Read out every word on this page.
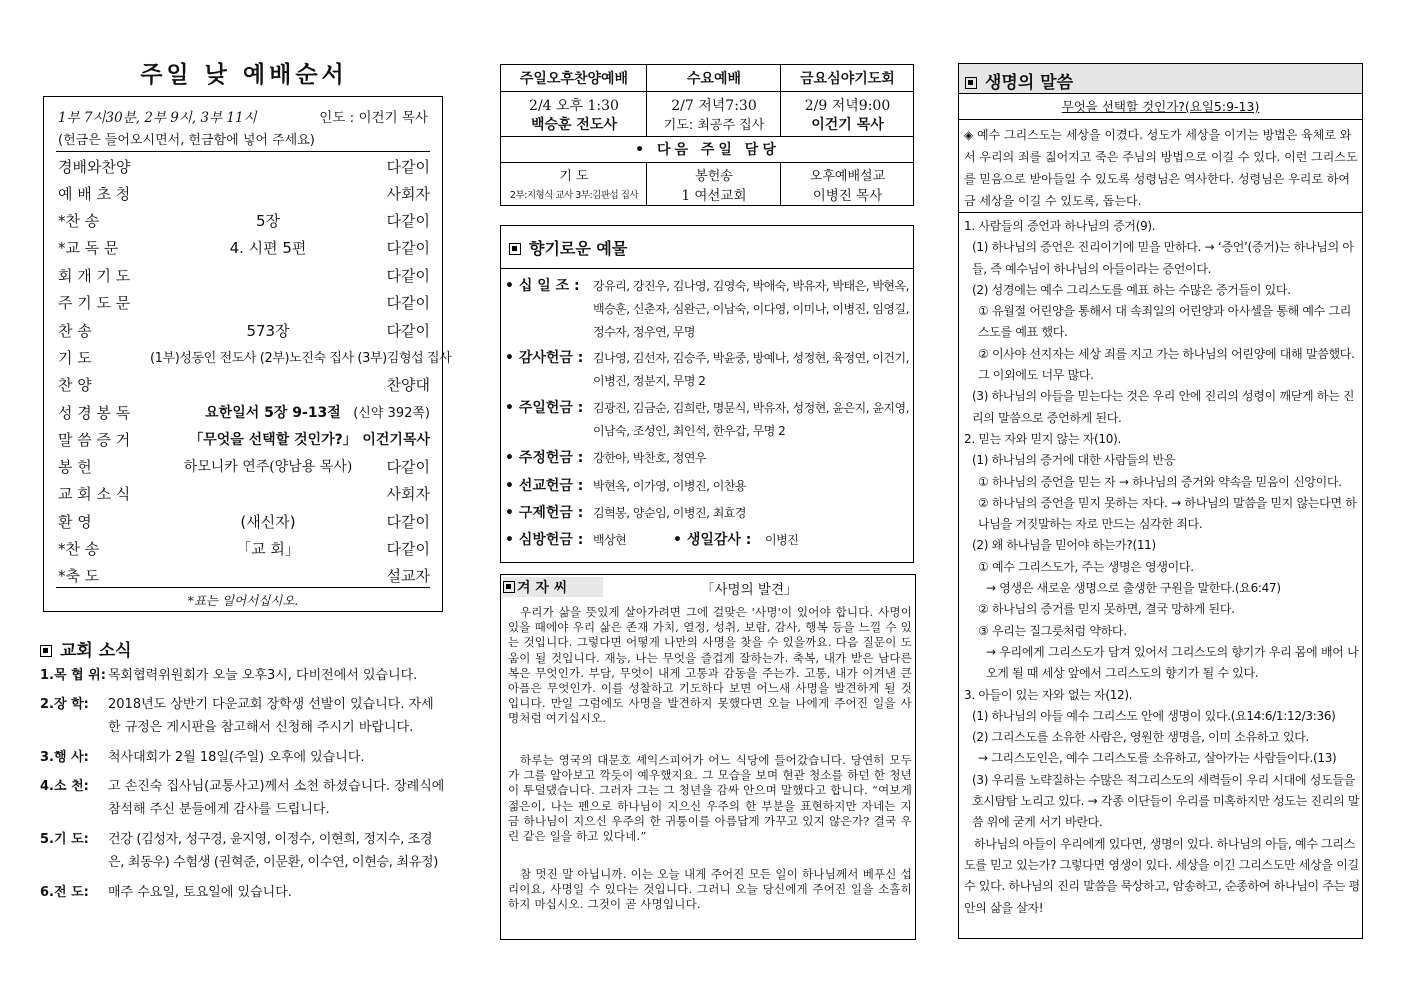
주일 낮 예배순서
1부 7시30분, 2부 9시, 3부 11시	인도 : 이건기 목사
(헌금은 들어오시면서, 헌금함에 넣어 주세요)
경배와찬양	다같이
예 배 초 청	사회자
*찬 송	5장	다같이
*교 독 문	4. 시편 5편	다같이
회 개 기 도	다같이
주 기 도 문	다같이
찬 송	573장	다같이
기 도	(1부)성동인 전도사 (2부)노진숙 집사 (3부)김형섭 집사
찬 양	찬양대
성 경 봉 독	요한일서 5장 9-13절 (신약 392쪽)
말 씀 증 거	「무엇을 선택할 것인가?」 이건기목사
봉 헌	하모니카 연주(양남용 목사)	다같이
교 회 소 식	사회자
환 영	(새신자)	다같이
*찬 송	「교 회」	다같이
*축 도	설교자
*표는 일어서십시오.
교회 소식
1.목 협 위: 목회협력위원회가 오늘 오후3시, 다비전에서 있습니다.
2.장 학:	2018년도 상반기 다운교회 장학생 선발이 있습니다. 자세한 규정은 게시판을 참고해서 신청해 주시기 바랍니다.
3.행 사:	척사대회가 2월 18일(주일) 오후에 있습니다.
4.소 천:	고 손진숙 집사님(교통사고)께서 소천 하셨습니다. 장례식에 참석해 주신 분들에게 감사를 드립니다.
5.기 도:	건강 (김성자, 성구경, 윤지영, 이정수, 이현희, 정지수, 조경은, 최동우) 수험생 (권혁준, 이문환, 이수연, 이현승, 최유정)
6.전 도:	매주 수요일, 토요일에 있습니다.
주일오후찬양예배	수요예배	금요심야기도회
2/4 오후 1:30	2/7 저녁7:30	2/9 저녁9:00
백승훈 전도사	기도: 최공주 집사	이건기 목사
• 다음 주일 담당
기 도	봉헌송	오후예배설교
2부:지형식 교사 3부:김판섭 집사	1 여선교회	이병진 목사
향기로운 예물
• 십 일 조 :	강유리, 강진우, 김나영, 김영숙, 박애숙, 박유자, 박태은, 박현옥, 백승훈, 신춘자, 심완근, 이남숙, 이다영, 이미나, 이병진, 임영길, 정수자, 정우연, 무명
• 감사헌금 : 김나영, 김선자, 김승주, 박윤중, 방예나, 성정현, 육정연, 이건기, 이병진, 정분지, 무명 2
• 주일헌금 : 김광진, 김금순, 김희란, 명문식, 박유자, 성정현, 윤은지, 윤지영, 이남숙, 조성인, 최인석, 한우갑, 무명 2
• 주정헌금 : 강한아, 박찬호, 정연우
• 선교헌금 : 박현옥, 이가영, 이병진, 이찬용
• 구제헌금 : 김혁봉, 양순임, 이병진, 최효경
• 심방헌금 : 백상현	• 생일감사 :	이병진
겨 자 씨	「사명의 발견」
우리가 삶을 뜻있게 살아가려면 그에 걸맞은 '사명'이 있어야 합니다. 사명이 있을 때에야 우리 삶은 존재 가치, 열정, 성취, 보람, 감사, 행복 등을 느낄 수 있는 것입니다. 그렇다면 어떻게 나만의 사명을 찾을 수 있을까요. 다음 질문이 도움이 될 것입니다. 재능, 나는 무엇을 즐겁게 잘하는가. 축복, 내가 받은 남다른 복은 무엇인가. 부담, 무엇이 내게 고통과 감동을 주는가. 고통, 내가 이겨낸 큰 아픔은 무엇인가. 이를 성찰하고 기도하다 보면 어느새 사명을 발견하게 될 것입니다. 만일 그럼에도 사명을 발견하지 못했다면 오늘 나에게 주어진 일을 사명처럼 여기십시오.
하루는 영국의 대문호 셰익스피어가 어느 식당에 들어갔습니다. 당연히 모두가 그를 알아보고 깍듯이 예우했지요. 그 모습을 보며 현관 청소를 하던 한 청년이 투덜댔습니다. 그러자 그는 그 청년을 감싸 안으며 말했다고 합니다. “여보게 젊은이, 나는 펜으로 하나님이 지으신 우주의 한 부분을 표현하지만 자네는 지금 하나님이 지으신 우주의 한 귀퉁이를 아름답게 가꾸고 있지 않은가? 결국 우린 같은 일을 하고 있다네.”
참 멋진 말 아닙니까. 이는 오늘 내게 주어진 모든 일이 하나님께서 베푸신 섭리이요, 사명일 수 있다는 것입니다. 그러니 오늘 당신에게 주어진 일을 소홀히 하지 마십시오. 그것이 곧 사명입니다.
생명의 말씀
무엇을 선택할 것인가?(요일5:9-13)
◈ 예수 그리스도는 세상을 이겼다. 성도가 세상을 이기는 방법은 육체로 와서 우리의 죄를 짊어지고 죽은 주님의 방법으로 이길 수 있다. 이런 그리스도를 믿음으로 받아들일 수 있도록 성령님은 역사한다. 성령님은 우리로 하여금 세상을 이길 수 있도록, 돕는다.

1. 사람들의 증언과 하나님의 증거(9).

(1) 하나님의 증언은 진리이기에 믿을 만하다. → ‘증언’(증거)는 하나님의 아들, 즉 예수님이 하나님의 아들이라는 증언이다.

(2) 성경에는 예수 그리스도를 예표 하는 수많은 증거들이 있다.

① 유월절 어린양을 통해서 대 속죄일의 어린양과 아사셀을 통해 예수 그리스도를 예표 했다.

② 이사야 선지자는 세상 죄를 지고 가는 하나님의 어린양에 대해 말씀했다. 그 이외에도 너무 많다.

(3) 하나님의 아들을 믿는다는 것은 우리 안에 진리의 성령이 깨닫게 하는 진리의 말씀으로 증언하게 된다.

2. 믿는 자와 믿지 않는 자(10).

(1) 하나님의 증거에 대한 사람들의 반응

① 하나님의 증언을 믿는 자 → 하나님의 증거와 약속을 믿음이 신앙이다.

② 하나님의 증언을 믿지 못하는 자다. → 하나님의 말씀을 믿지 않는다면 하나님을 거짓말하는 자로 만드는 심각한 죄다.

(2) 왜 하나님을 믿어야 하는가?(11)

① 예수 그리스도가, 주는 생명은 영생이다.

→ 영생은 새로운 생명으로 출생한 구원을 말한다.(요6:47)

② 하나님의 증거를 믿지 못하면, 결국 망하게 된다.

③ 우리는 질그릇처럼 약하다.

→ 우리에게 그리스도가 담겨 있어서 그리스도의 향기가 우리 몸에 배어 나오게 될 때 세상 앞에서 그리스도의 향기가 될 수 있다.

3. 아들이 있는 자와 없는 자(12).

(1) 하나님의 아들 예수 그리스도 안에 생명이 있다.(요14:6/1:12/3:36)

(2) 그리스도를 소유한 사람은, 영원한 생명을, 이미 소유하고 있다.

→ 그리스도인은, 예수 그리스도를 소유하고, 살아가는 사람들이다.(13)

(3) 우리를 노략질하는 수많은 적그리스도의 세력들이 우리 시대에 성도들을 호시탐탐 노리고 있다. → 각종 이단들이 우리를 미혹하지만 성도는 진리의 말씀 위에 굳게 서기 바란다.

하나님의 아들이 우리에게 있다면, 생명이 있다. 하나님의 아들, 예수 그리스도를 믿고 있는가? 그렇다면 영생이 있다. 세상을 이긴 그리스도만 세상을 이길 수 있다. 하나님의 진리 말씀을 묵상하고, 암송하고, 순종하여 하나님이 주는 평안의 삶을 살자!
